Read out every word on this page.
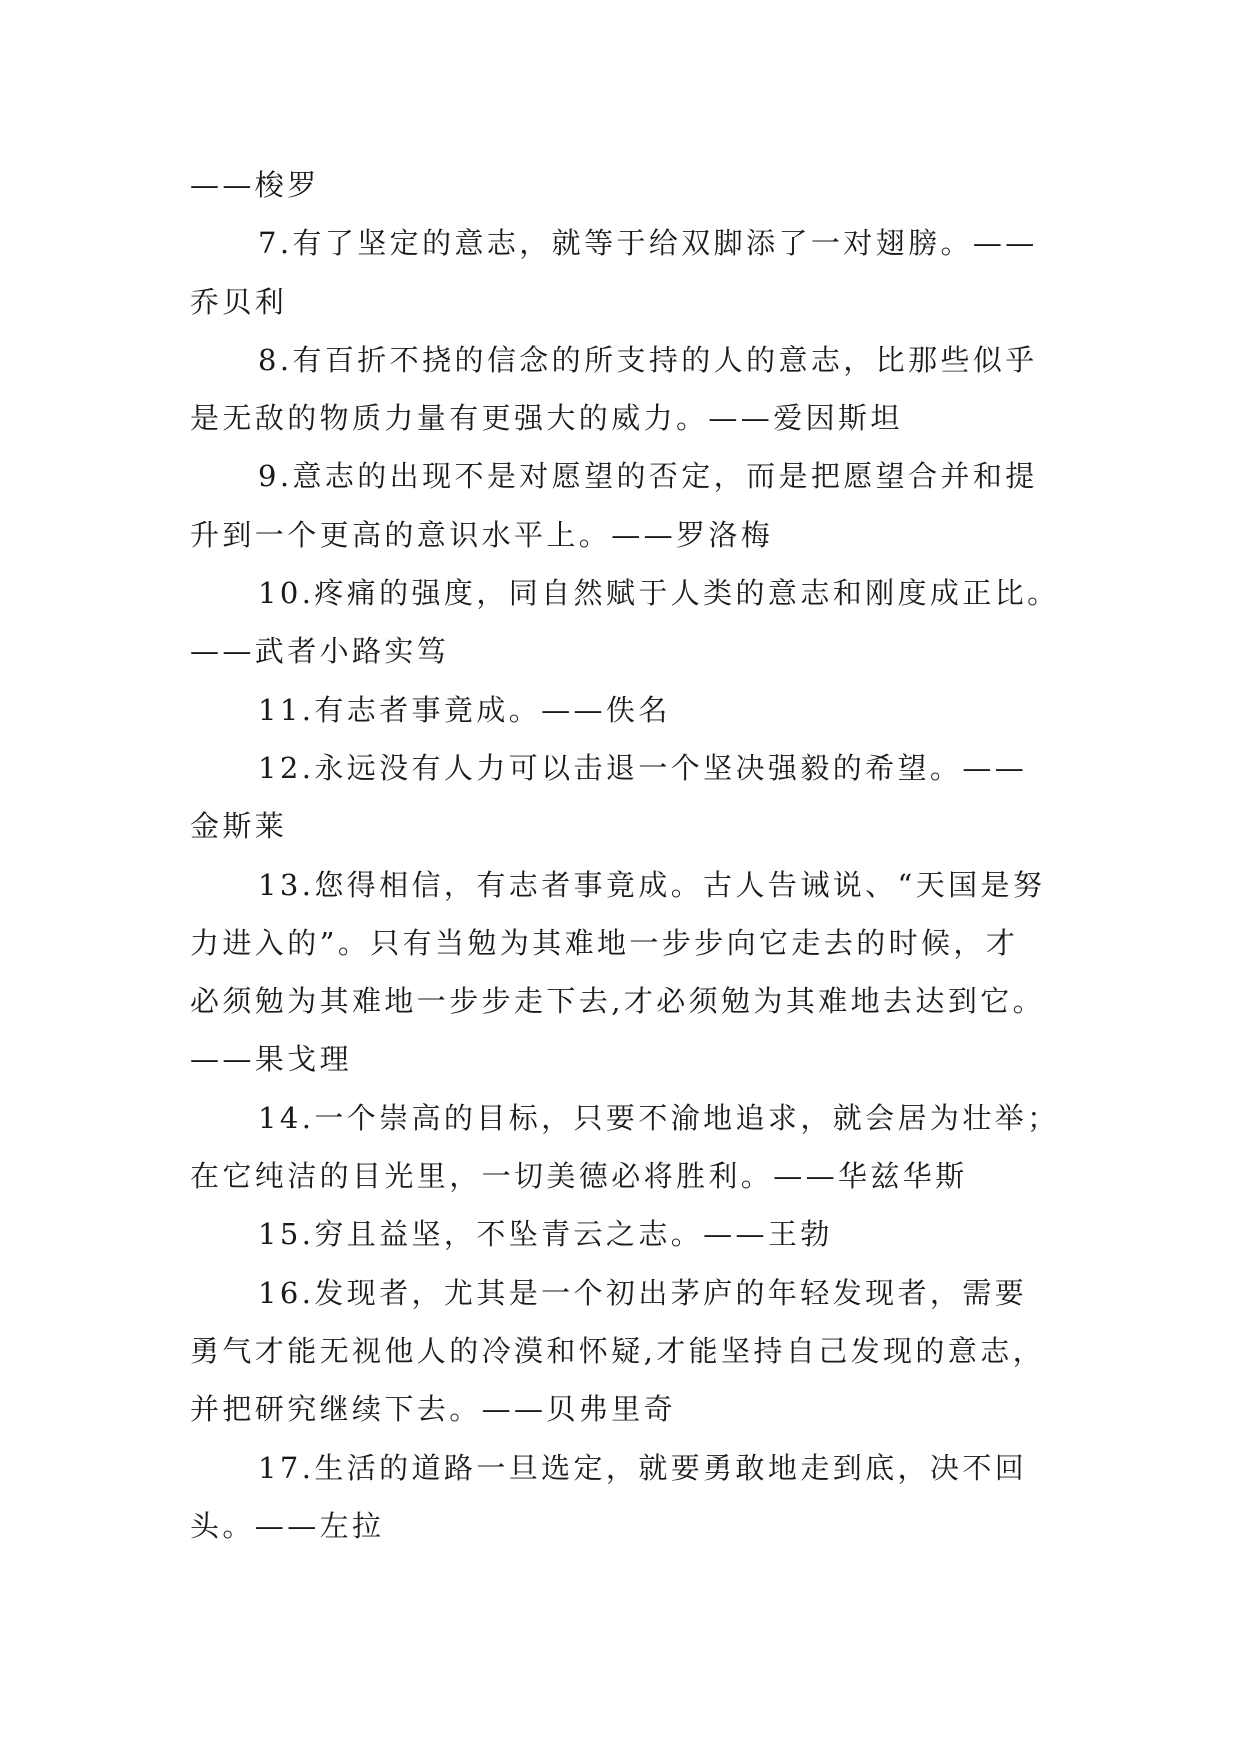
——梭罗
7.有了坚定的意志，就等于给双脚添了一对翅膀。——
乔贝利
8.有百折不挠的信念的所支持的人的意志，比那些似乎
是无敌的物质力量有更强大的威力。——爱因斯坦
9.意志的出现不是对愿望的否定，而是把愿望合并和提
升到一个更高的意识水平上。——罗洛梅
10.疼痛的强度，同自然赋于人类的意志和刚度成正比。
——武者小路实笃
11.有志者事竟成。——佚名
12.永远没有人力可以击退一个坚决强毅的希望。——
金斯莱
13.您得相信，有志者事竟成。古人告诫说、“天国是努
力进入的”。只有当勉为其难地一步步向它走去的时候，才
必须勉为其难地一步步走下去,才必须勉为其难地去达到它。
——果戈理
14.一个崇高的目标，只要不渝地追求，就会居为壮举；
在它纯洁的目光里，一切美德必将胜利。——华兹华斯
15.穷且益坚，不坠青云之志。——王勃
16.发现者，尤其是一个初出茅庐的年轻发现者，需要
勇气才能无视他人的冷漠和怀疑,才能坚持自己发现的意志，
并把研究继续下去。——贝弗里奇
17.生活的道路一旦选定，就要勇敢地走到底，决不回
头。——左拉
